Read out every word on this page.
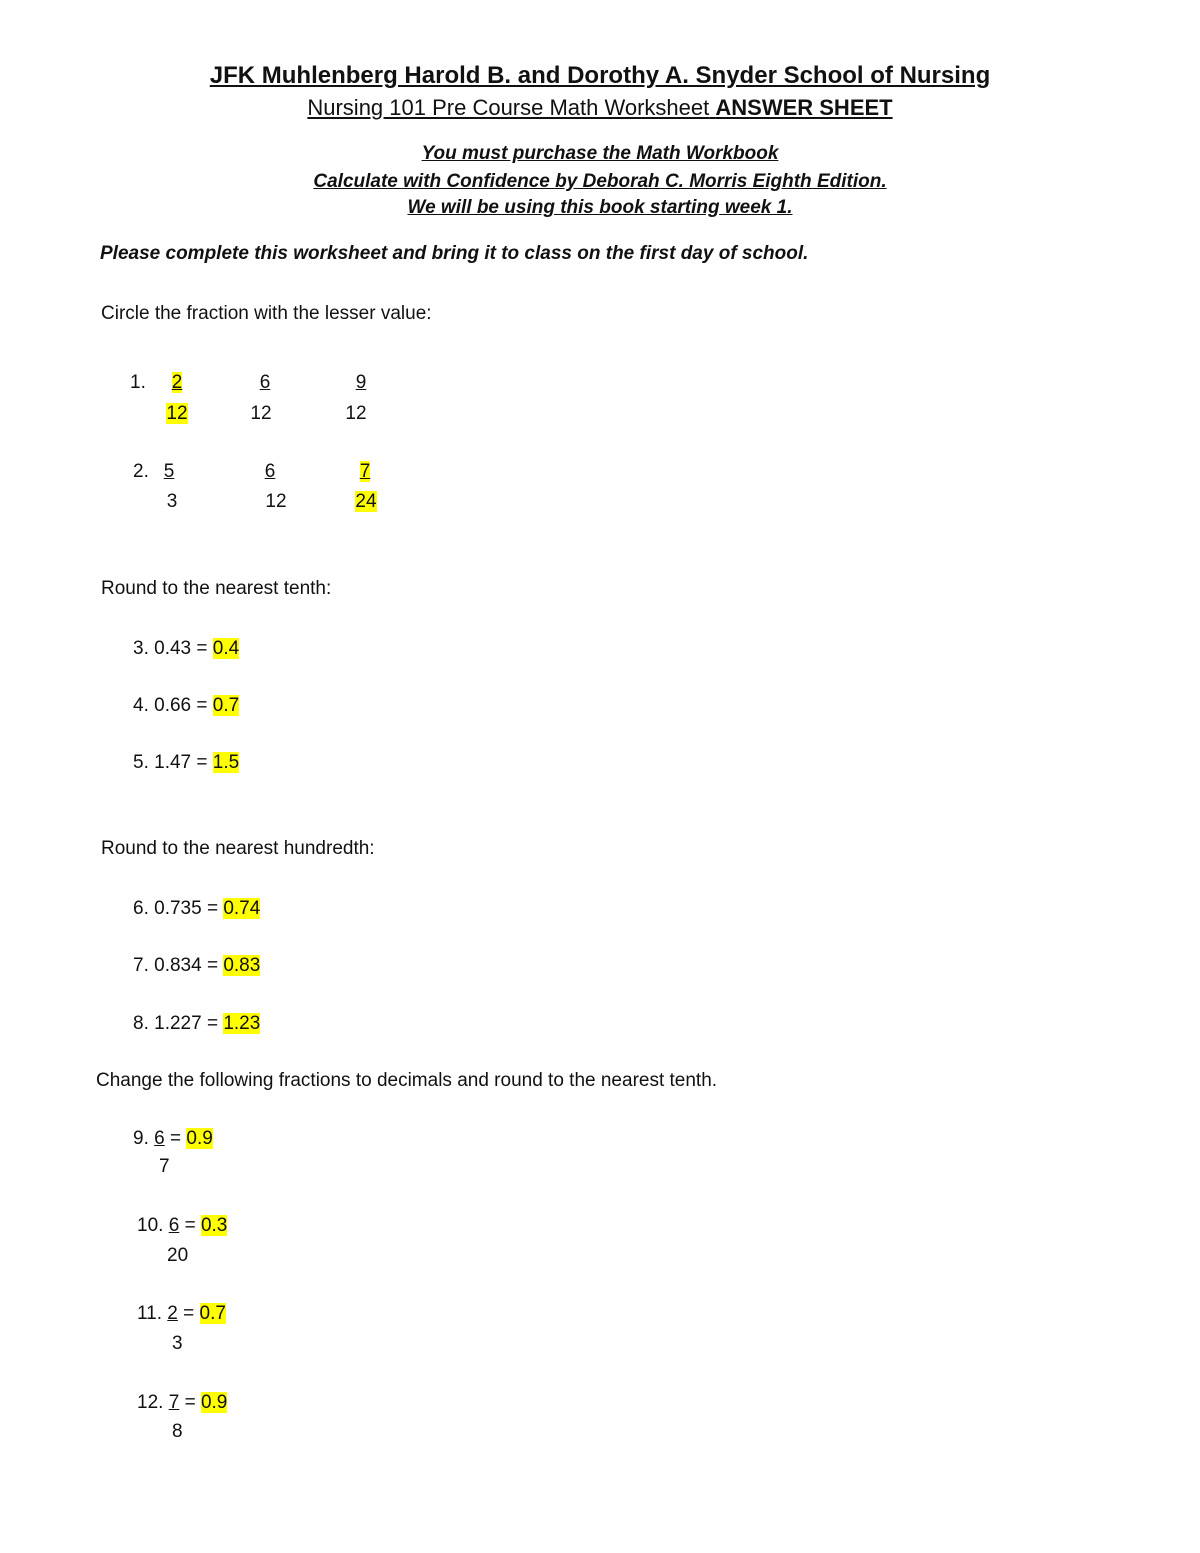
JFK Muhlenberg Harold B. and Dorothy A. Snyder School of Nursing
Nursing 101 Pre Course Math Worksheet ANSWER SHEET
You must purchase the Math Workbook
Calculate with Confidence by Deborah C. Morris Eighth Edition.
We will be using this book starting week 1.
Please complete this worksheet and bring it to class on the first day of school.
Circle the fraction with the lesser value:
1.	2
12
6
12
9
12
2. 5
3
6
12
7
24
Round to the nearest tenth:
3. 0.43 = 0.4
4. 0.66 = 0.7
5. 1.47 = 1.5
Round to the nearest hundredth:
6. 0.735 = 0.74
7. 0.834 = 0.83
8. 1.227 = 1.23
Change the following fractions to decimals and round to the nearest tenth.
9. 6 = 0.9
7
10. 6 = 0.3
20
11. 2 = 0.7
3
12. 7 = 0.9
8
